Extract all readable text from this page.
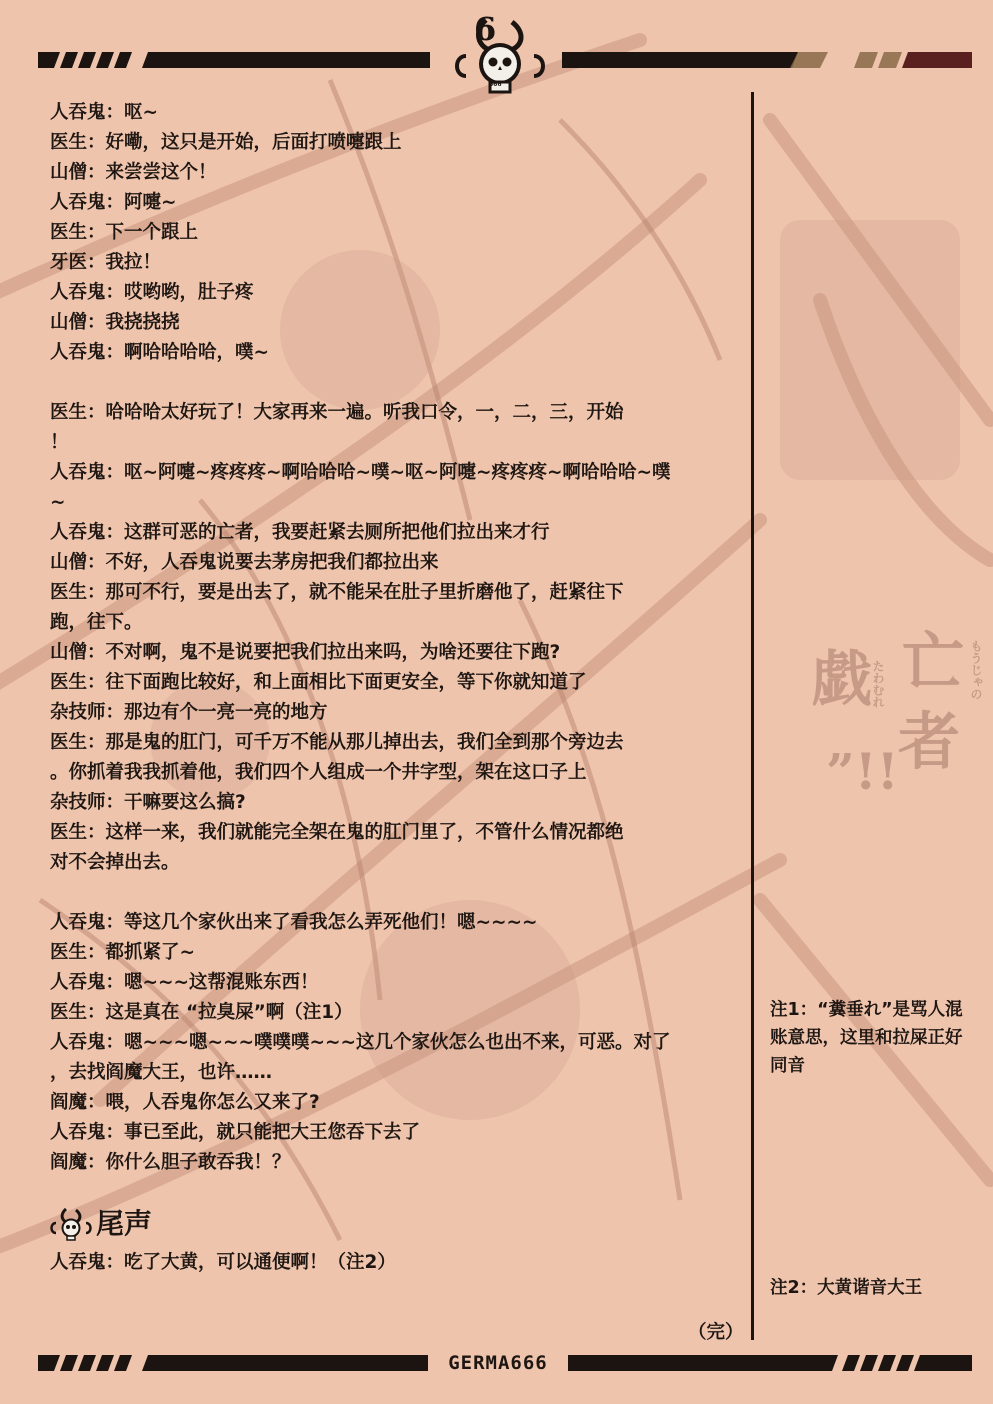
戯 亡
者
”!!
たわむれ	もうじゃの
666
6
人吞鬼：呕~
医生：好嘞，这只是开始，后面打喷嚏跟上
山僧：来尝尝这个！
人吞鬼：阿嚏~
医生：下一个跟上
牙医：我拉！
人吞鬼：哎哟哟，肚子疼
山僧：我挠挠挠
人吞鬼：啊哈哈哈哈，噗~
医生：哈哈哈太好玩了！大家再来一遍。听我口令，一，二，三，开始
！
人吞鬼：呕~阿嚏~疼疼疼~啊哈哈哈~噗~呕~阿嚏~疼疼疼~啊哈哈哈~噗
~
人吞鬼：这群可恶的亡者，我要赶紧去厕所把他们拉出来才行
山僧：不好，人吞鬼说要去茅房把我们都拉出来
医生：那可不行，要是出去了，就不能呆在肚子里折磨他了，赶紧往下
跑，往下。
山僧：不对啊，鬼不是说要把我们拉出来吗，为啥还要往下跑?
医生：往下面跑比较好，和上面相比下面更安全，等下你就知道了
杂技师：那边有个一亮一亮的地方
医生：那是鬼的肛门，可千万不能从那儿掉出去，我们全到那个旁边去
。你抓着我我抓着他，我们四个人组成一个井字型，架在这口子上
杂技师：干嘛要这么搞?
医生：这样一来，我们就能完全架在鬼的肛门里了，不管什么情况都绝
对不会掉出去。
人吞鬼：等这几个家伙出来了看我怎么弄死他们！嗯~~~~
医生：都抓紧了~
人吞鬼：嗯~~~这帮混账东西！
医生：这是真在 “拉臭屎”啊（注1）
人吞鬼：嗯~~~嗯~~~噗噗噗~~~这几个家伙怎么也出不来，可恶。对了
，去找阎魔大王，也许……
阎魔：喂，人吞鬼你怎么又来了?
人吞鬼：事已至此，就只能把大王您吞下去了
阎魔：你什么胆子敢吞我！？
尾声
人吞鬼：吃了大黄，可以通便啊！（注2）
注1：“糞垂れ”是骂人混账意思，这里和拉屎正好同音
注2：大黄谐音大王
（完）
GERMA666
